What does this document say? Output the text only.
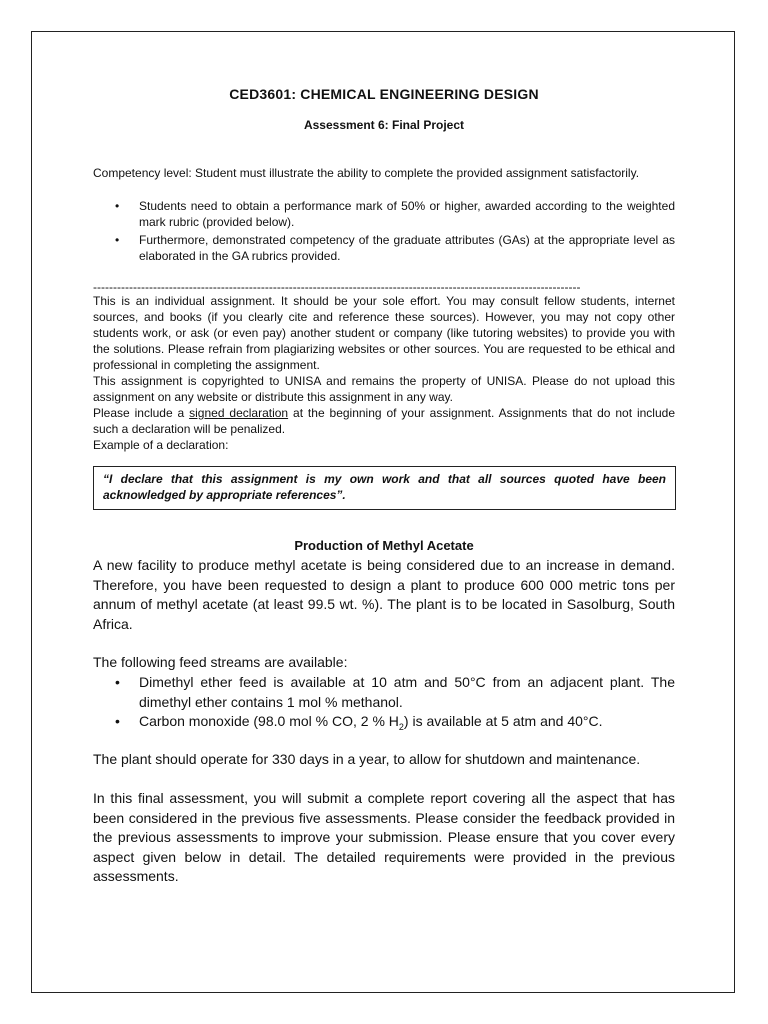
CED3601: CHEMICAL ENGINEERING DESIGN
Assessment 6: Final Project
Competency level: Student must illustrate the ability to complete the provided assignment satisfactorily.
• Students need to obtain a performance mark of 50% or higher, awarded according to the weighted mark rubric (provided below).
• Furthermore, demonstrated competency of the graduate attributes (GAs) at the appropriate level as elaborated in the GA rubrics provided.
--------------------------------------------------------------------------------------------------------------------------

This is an individual assignment. It should be your sole effort. You may consult fellow students, internet sources, and books (if you clearly cite and reference these sources). However, you may not copy other students work, or ask (or even pay) another student or company (like tutoring websites) to provide you with the solutions. Please refrain from plagiarizing websites or other sources. You are requested to be ethical and professional in completing the assignment.

This assignment is copyrighted to UNISA and remains the property of UNISA. Please do not upload this assignment on any website or distribute this assignment in any way.

Please include a signed declaration at the beginning of your assignment. Assignments that do not include such a declaration will be penalized.

Example of a declaration:

“I declare that this assignment is my own work and that all sources quoted have been acknowledged by appropriate references”.
Production of Methyl Acetate
A new facility to produce methyl acetate is being considered due to an increase in demand. Therefore, you have been requested to design a plant to produce 600 000 metric tons per annum of methyl acetate (at least 99.5 wt. %). The plant is to be located in Sasolburg, South Africa.
The following feed streams are available:
• Dimethyl ether feed is available at 10 atm and 50°C from an adjacent plant. The dimethyl ether contains 1 mol % methanol.
• Carbon monoxide (98.0 mol % CO, 2 % $H_2$) is available at 5 atm and 40°C.
The plant should operate for 330 days in a year, to allow for shutdown and maintenance.
In this final assessment, you will submit a complete report covering all the aspect that has been considered in the previous five assessments. Please consider the feedback provided in the previous assessments to improve your submission. Please ensure that you cover every aspect given below in detail. The detailed requirements were provided in the previous assessments.
